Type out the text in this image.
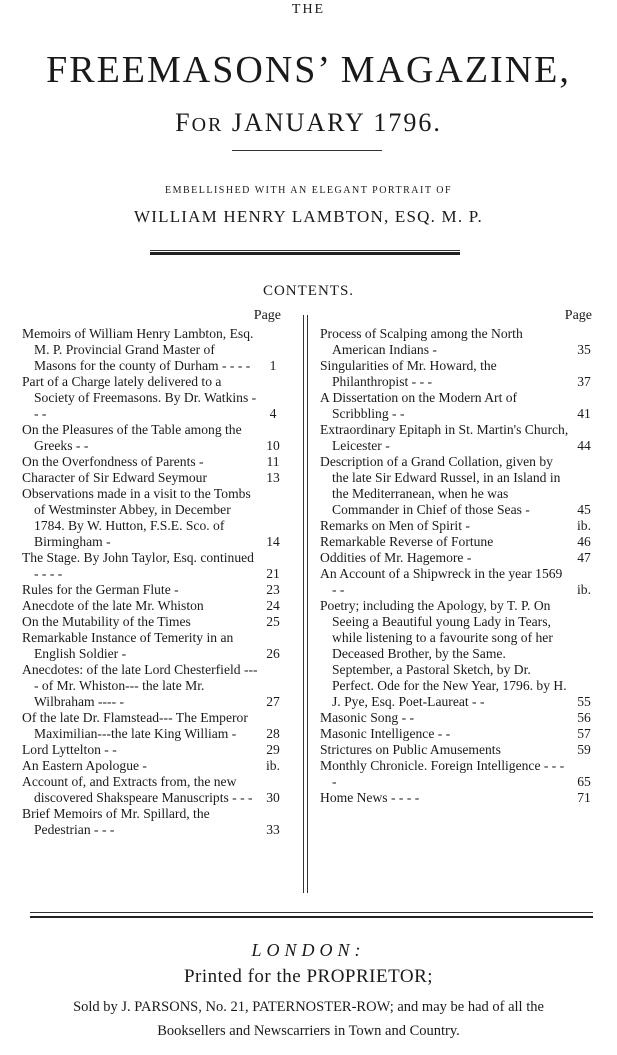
THE
FREEMASONS’ MAGAZINE,
FOR JANUARY 1796.
EMBELLISHED WITH AN ELEGANT PORTRAIT OF
WILLIAM HENRY LAMBTON, ESQ. M. P.
CONTENTS.
Page
Memoirs of William Henry Lambton, Esq. M. P. Provincial Grand Master of Masons for the county of Durham - - - -	1
Part of a Charge lately delivered to a Society of Freemasons. By Dr. Watkins - - -	4
On the Pleasures of the Table among the Greeks - -	10
On the Overfondness of Parents -	11
Character of Sir Edward Seymour	13
Observations made in a visit to the Tombs of Westminster Abbey, in December 1784. By W. Hutton, F.S.E. Sco. of Birmingham -	14
The Stage. By John Taylor, Esq. continued - - - -	21
Rules for the German Flute -	23
Anecdote of the late Mr. Whiston	24
On the Mutability of the Times	25
Remarkable Instance of Temerity in an English Soldier -	26
Anecdotes: of the late Lord Chesterfield ---- of Mr. Whiston--- the late Mr. Wilbraham ---- -	27
Of the late Dr. Flamstead--- The Emperor Maximilian---the late King William -	28
Lord Lyttelton - -	29
An Eastern Apologue -	ib.
Account of, and Extracts from, the new discovered Shakspeare Manuscripts - - -	30
Brief Memoirs of Mr. Spillard, the Pedestrian - - -	33
Page
Process of Scalping among the North American Indians -	35
Singularities of Mr. Howard, the Philanthropist - - -	37
A Dissertation on the Modern Art of Scribbling - -	41
Extraordinary Epitaph in St. Martin's Church, Leicester -	44
Description of a Grand Collation, given by the late Sir Edward Russel, in an Island in the Mediterranean, when he was Commander in Chief of those Seas -	45
Remarks on Men of Spirit -	ib.
Remarkable Reverse of Fortune	46
Oddities of Mr. Hagemore -	47
An Account of a Shipwreck in the year 1569 - -	ib.
Poetry; including the Apology, by T. P. On Seeing a Beautiful young Lady in Tears, while listening to a favourite song of her Deceased Brother, by the Same. September, a Pastoral Sketch, by Dr. Perfect. Ode for the New Year, 1796. by H. J. Pye, Esq. Poet-Laureat - -	55
Masonic Song - -	56
Masonic Intelligence - -	57
Strictures on Public Amusements	59
Monthly Chronicle. Foreign Intelligence - - - -	65
Home News - - - -	71
LONDON:
Printed for the PROPRIETOR;
Sold by J. PARSONS, No. 21, PATERNOSTER-ROW; and may be had of all the
Booksellers and Newscarriers in Town and Country.
